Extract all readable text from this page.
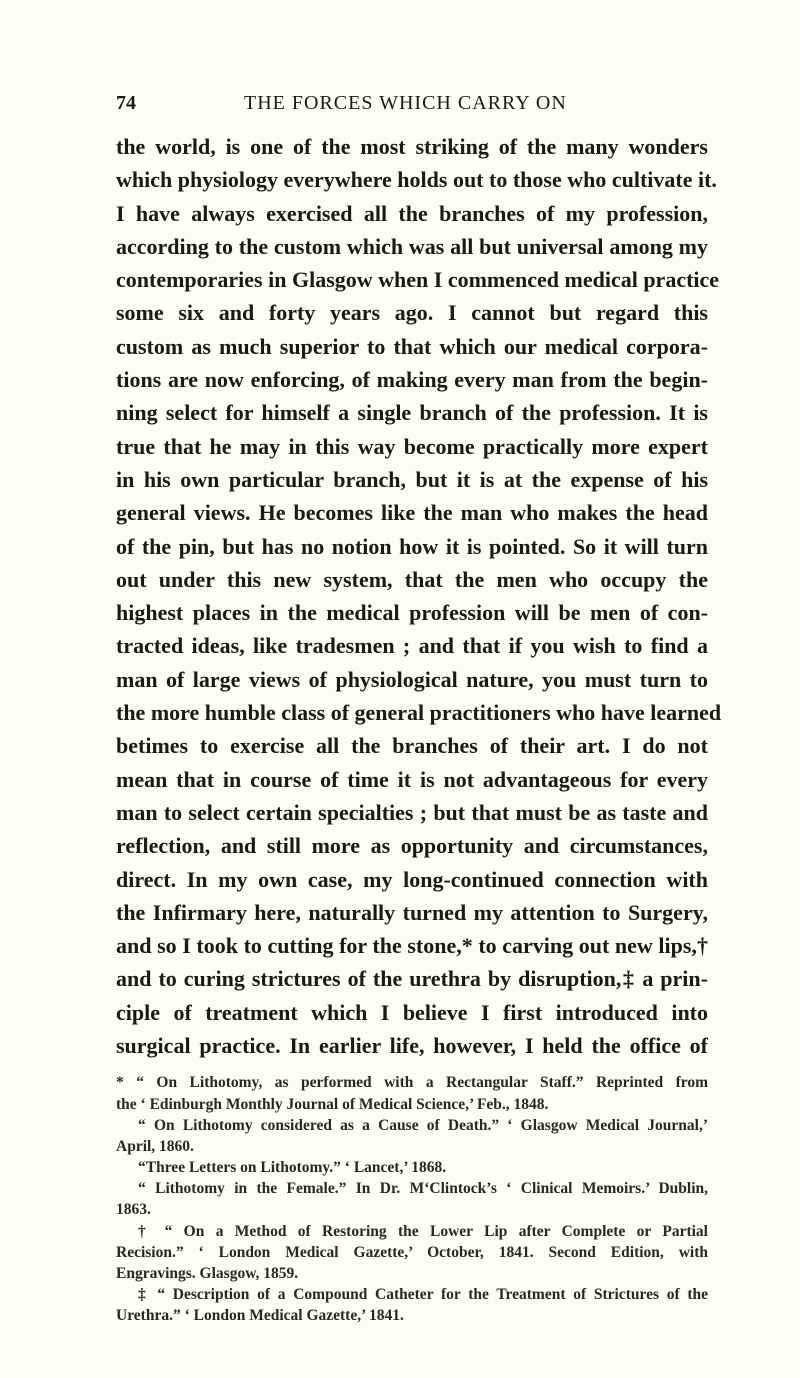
74	THE FORCES WHICH CARRY ON
the world, is one of the most striking of the many wonders
which physiology everywhere holds out to those who cultivate it.
I have always exercised all the branches of my profession,
according to the custom which was all but universal among my
contemporaries in Glasgow when I commenced medical practice
some six and forty years ago. I cannot but regard this
custom as much superior to that which our medical corpora-
tions are now enforcing, of making every man from the begin-
ning select for himself a single branch of the profession. It is
true that he may in this way become practically more expert
in his own particular branch, but it is at the expense of his
general views. He becomes like the man who makes the head
of the pin, but has no notion how it is pointed. So it will turn
out under this new system, that the men who occupy the
highest places in the medical profession will be men of con-
tracted ideas, like tradesmen ; and that if you wish to find a
man of large views of physiological nature, you must turn to
the more humble class of general practitioners who have learned
betimes to exercise all the branches of their art. I do not
mean that in course of time it is not advantageous for every
man to select certain specialties ; but that must be as taste and
reflection, and still more as opportunity and circumstances,
direct. In my own case, my long-continued connection with
the Infirmary here, naturally turned my attention to Surgery,
and so I took to cutting for the stone,* to carving out new lips,†
and to curing strictures of the urethra by disruption,‡ a prin-
ciple of treatment which I believe I first introduced into
surgical practice. In earlier life, however, I held the office of
* “ On Lithotomy, as performed with a Rectangular Staff.” Reprinted from
the ‘ Edinburgh Monthly Journal of Medical Science,’ Feb., 1848.
“ On Lithotomy considered as a Cause of Death.” ‘ Glasgow Medical Journal,’
April, 1860.
“Three Letters on Lithotomy.” ‘ Lancet,’ 1868.
“ Lithotomy in the Female.” In Dr. M‘Clintock’s ‘ Clinical Memoirs.’ Dublin,
1863.
† “ On a Method of Restoring the Lower Lip after Complete or Partial
Recision.” ‘ London Medical Gazette,’ October, 1841. Second Edition, with
Engravings. Glasgow, 1859.
‡ “ Description of a Compound Catheter for the Treatment of Strictures of the
Urethra.” ‘ London Medical Gazette,’ 1841.
